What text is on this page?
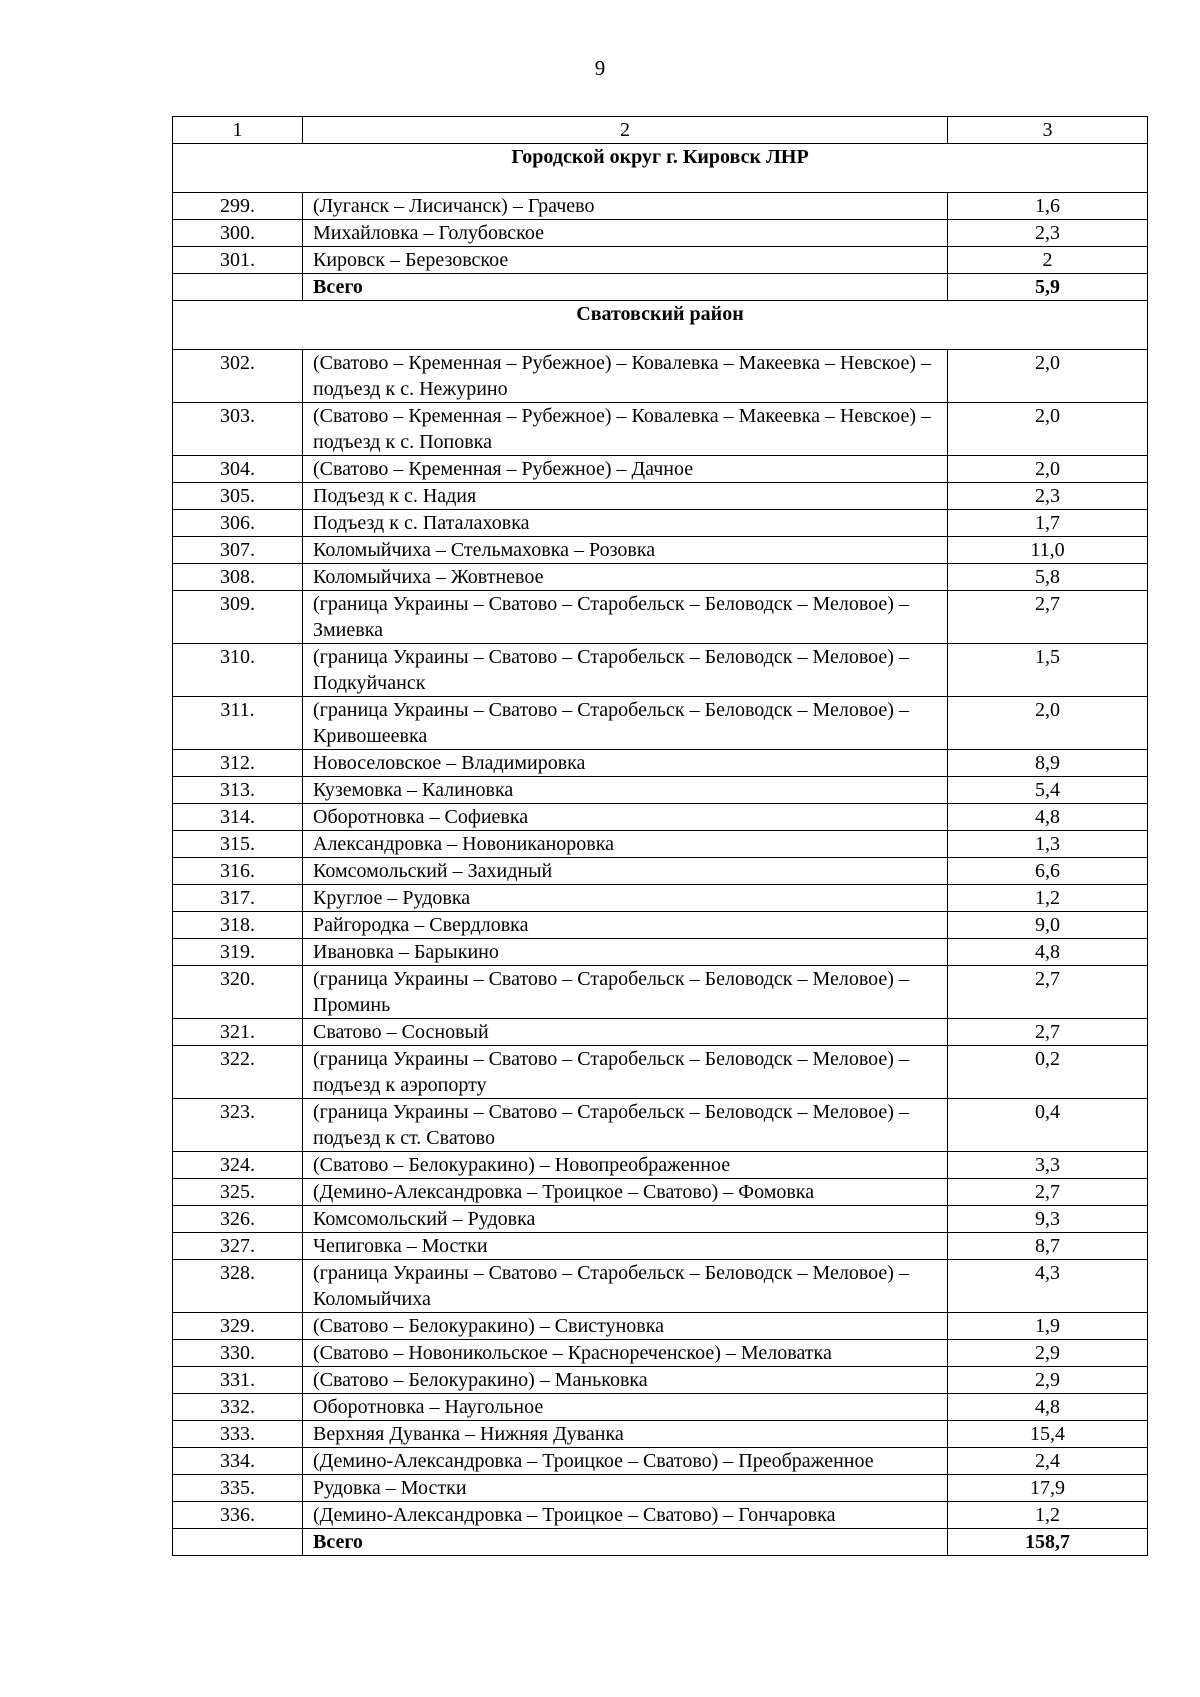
9
1	2	3
Городской округ г. Кировск ЛНР		
299.	(Луганск – Лисичанск) – Грачево	1,6
300.	Михайловка – Голубовское	2,3
301.	Кировск – Березовское	2
	Всего	5,9
Сватовский район		
302.	(Сватово – Кременная – Рубежное) – Ковалевка – Макеевка – Невское) – подъезд к с. Нежурино	2,0
303.	(Сватово – Кременная – Рубежное) – Ковалевка – Макеевка – Невское) – подъезд к с. Поповка	2,0
304.	(Сватово – Кременная – Рубежное) – Дачное	2,0
305.	Подъезд к с. Надия	2,3
306.	Подъезд к с. Паталаховка	1,7
307.	Коломыйчиха – Стельмаховка – Розовка	11,0
308.	Коломыйчиха – Жовтневое	5,8
309.	(граница Украины – Сватово – Старобельск – Беловодск – Меловое) – Змиевка	2,7
310.	(граница Украины – Сватово – Старобельск – Беловодск – Меловое) – Подкуйчанск	1,5
311.	(граница Украины – Сватово – Старобельск – Беловодск – Меловое) – Кривошеевка	2,0
312.	Новоселовское – Владимировка	8,9
313.	Куземовка – Калиновка	5,4
314.	Оборотновка – Софиевка	4,8
315.	Александровка – Новониканоровка	1,3
316.	Комсомольский – Захидный	6,6
317.	Круглое – Рудовка	1,2
318.	Райгородка – Свердловка	9,0
319.	Ивановка – Барыкино	4,8
320.	(граница Украины – Сватово – Старобельск – Беловодск – Меловое) – Проминь	2,7
321.	Сватово – Сосновый	2,7
322.	(граница Украины – Сватово – Старобельск – Беловодск – Меловое) – подъезд к аэропорту	0,2
323.	(граница Украины – Сватово – Старобельск – Беловодск – Меловое) – подъезд к ст. Сватово	0,4
324.	(Сватово – Белокуракино) – Новопреображенное	3,3
325.	(Демино-Александровка – Троицкое – Сватово) – Фомовка	2,7
326.	Комсомольский – Рудовка	9,3
327.	Чепиговка – Мостки	8,7
328.	(граница Украины – Сватово – Старобельск – Беловодск – Меловое) – Коломыйчиха	4,3
329.	(Сватово – Белокуракино) – Свистуновка	1,9
330.	(Сватово – Новоникольское – Краснореченское) – Меловатка	2,9
331.	(Сватово – Белокуракино) – Маньковка	2,9
332.	Оборотновка – Наугольное	4,8
333.	Верхняя Дуванка – Нижняя Дуванка	15,4
334.	(Демино-Александровка – Троицкое – Сватово) – Преображенное	2,4
335.	Рудовка – Мостки	17,9
336.	(Демино-Александровка – Троицкое – Сватово) – Гончаровка	1,2
	Всего	158,7
